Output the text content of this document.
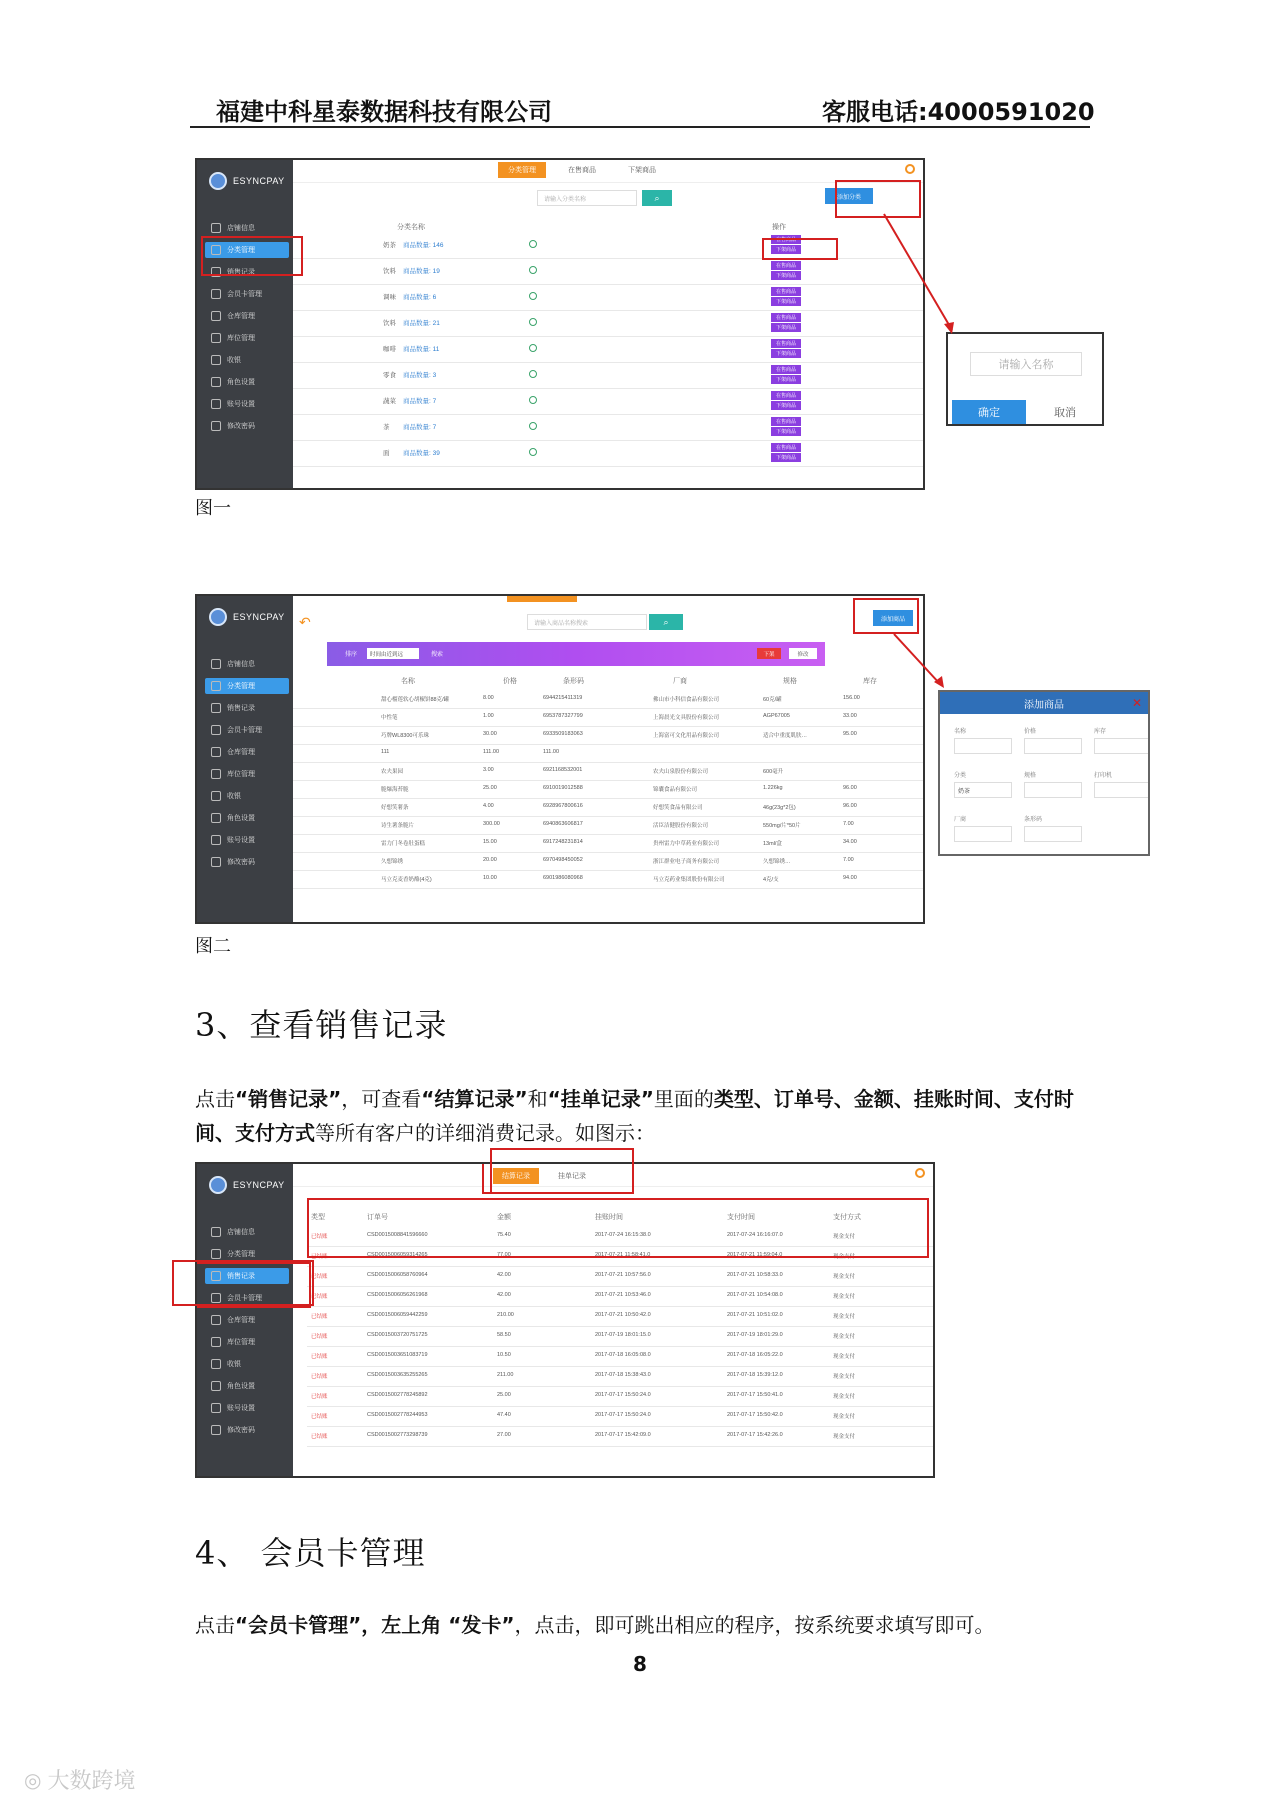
福建中科星泰数据科技有限公司	客服电话:4000591020
ESYNCPAY
店铺信息
分类管理
销售记录
会员卡管理
仓库管理
库位管理
收银
角色设置
账号设置
修改密码
分类管理	在售商品	下架商品
请输入分类名称	⌕	添加分类
分类名称	操作
奶茶 商品数量: 146
在售商品
下架商品
饮料 商品数量: 19
在售商品
下架商品
调味 商品数量: 6
在售商品
下架商品
饮料 商品数量: 21
在售商品
下架商品
咖啡 商品数量: 11
在售商品
下架商品
零食 商品数量: 3
在售商品
下架商品
蔬菜 商品数量: 7
在售商品
下架商品
茶 商品数量: 7
在售商品
下架商品
面 商品数量: 39
在售商品
下架商品
请输入名称
确定	取消
图一
ESYNCPAY
店铺信息
分类管理
销售记录
会员卡管理
仓库管理
库位管理
收银
角色设置
账号设置
修改密码
↶	请输入商品名称搜索	⌕	添加商品
排序	时间由近到远	搜索	下架	修改
名称	价格	条形码	厂商	规格	库存
甜心榴莲软心胡椒饼88克/罐	8.00	6944215411319	佛山市小科信食品有限公司	60克/罐	156.00
中性笔	1.00	6953787327799	上海晨光文具股份有限公司	AGP67005	33.00
巧牌WL8300可乐珠	30.00	6933509183063	上海富可文化用品有限公司	适合中重度肌肤…	95.00
111	111.00	111.00
农夫果园	3.00	6921168532001	农夫山泉股份有限公司	600毫升
脆爆海苔脆	25.00	6910019012588	锦囊食品有限公司	1.226kg	96.00
好想笑薯条	4.00	6928967800616	好想笑食品有限公司	46g(23g*2包)	96.00
诗生薯条脆片	300.00	6940863606817	活臣洁健股份有限公司	550mg/片*50片	7.00
雷力门冬卷肚蛋糕	15.00	6917248231814	贵州雷力中草药业有限公司	13ml/盒	34.00
久想锦绣	20.00	6970498450052	浙江群业电子商务有限公司	久想锦绣…	7.00
马立克麦香奶酪(4克)	10.00	6901986080968	马立克药业集团股份有限公司	4克/支	94.00
添加商品	✕
名称	价格	库存
分类	规格	打印机
厂商	条形码
奶茶
图二
3、查看销售记录
点击“销售记录”，可查看“结算记录”和“挂单记录”里面的类型、订单号、金额、挂账时间、支付时间、支付方式等所有客户的详细消费记录。如图示：
ESYNCPAY
店铺信息
分类管理
销售记录
会员卡管理
仓库管理
库位管理
收银
角色设置
账号设置
修改密码
结算记录	挂单记录
类型	订单号	金额	挂账时间	支付时间	支付方式
已结账	CSD0015008841596660	75.40	2017-07-24 16:15:38.0	2017-07-24 16:16:07.0	现金支付
已结账	CSD0015006059314265	77.00	2017-07-21 11:58:41.0	2017-07-21 11:59:04.0	现金支付
已结账	CSD0015006058760964	42.00	2017-07-21 10:57:56.0	2017-07-21 10:58:33.0	现金支付
已结账	CSD0015006056261968	42.00	2017-07-21 10:53:46.0	2017-07-21 10:54:08.0	现金支付
已结账	CSD0015006059442259	210.00	2017-07-21 10:50:42.0	2017-07-21 10:51:02.0	现金支付
已结账	CSD0015003720751725	58.50	2017-07-19 18:01:15.0	2017-07-19 18:01:29.0	现金支付
已结账	CSD0015003651083719	10.50	2017-07-18 16:05:08.0	2017-07-18 16:05:22.0	现金支付
已结账	CSD0015003635255265	211.00	2017-07-18 15:38:43.0	2017-07-18 15:39:12.0	现金支付
已结账	CSD0015002778245892	25.00	2017-07-17 15:50:24.0	2017-07-17 15:50:41.0	现金支付
已结账	CSD0015002778244953	47.40	2017-07-17 15:50:24.0	2017-07-17 15:50:42.0	现金支付
已结账	CSD0015002773298739	27.00	2017-07-17 15:42:09.0	2017-07-17 15:42:26.0	现金支付
4、 会员卡管理
点击“会员卡管理”，左上角 “发卡”，点击，即可跳出相应的程序，按系统要求填写即可。
8
◎ 大数跨境
